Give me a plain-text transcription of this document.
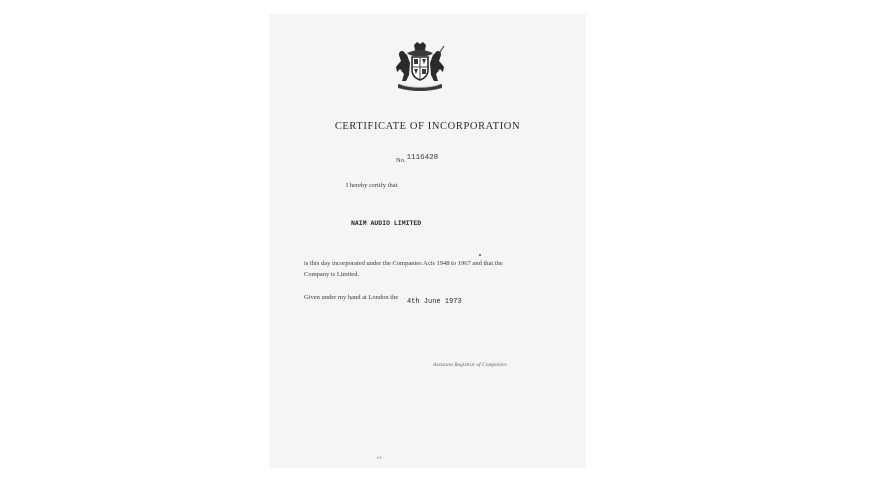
CERTIFICATE OF INCORPORATION
No.1116428
I hereby certify that
NAIM AUDIO LIMITED
is this day incorporated under the Companies Acts 1948 to 1967 and that the
Company is Limited.
Given under my hand at London the
4th June 1973
Assistant Registrar of Companies
ex
